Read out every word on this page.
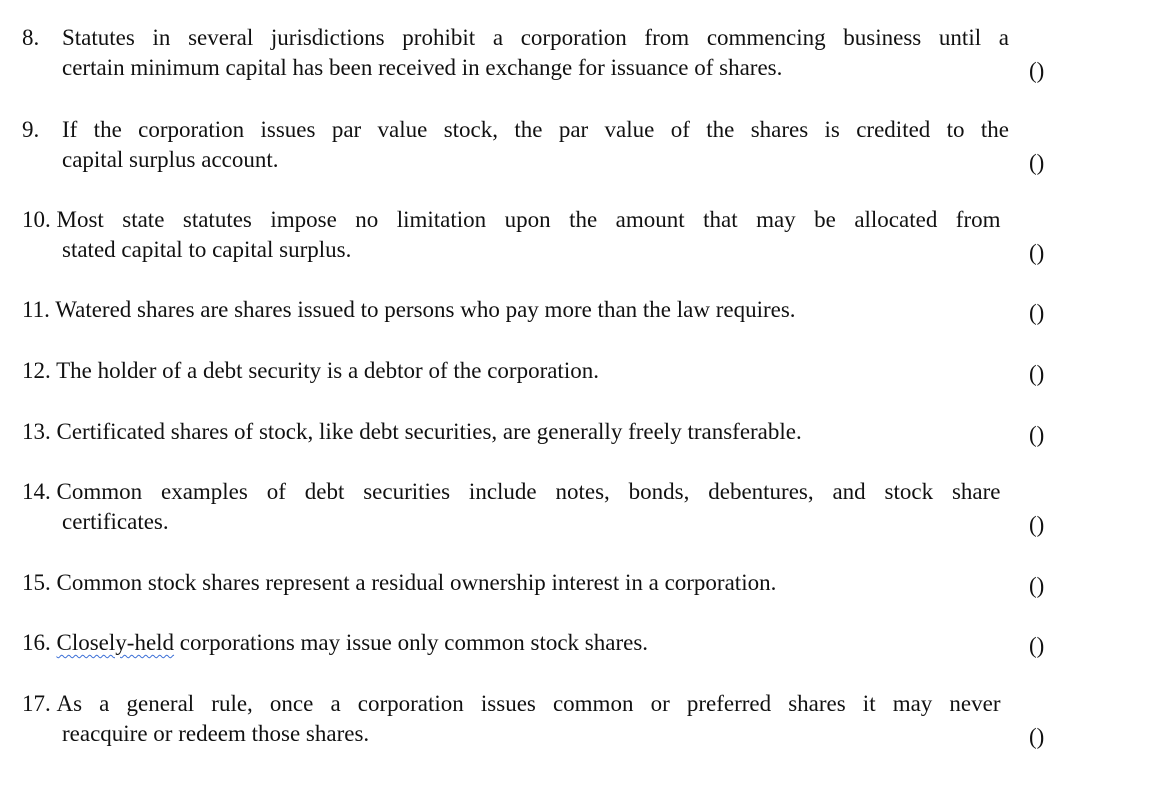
8. Statutes in several jurisdictions prohibit a corporation from commencing business until a
certain minimum capital has been received in exchange for issuance of shares.	()
9. If the corporation issues par value stock, the par value of the shares is credited to the
capital surplus account.	()
10. Most state statutes impose no limitation upon the amount that may be allocated from
stated capital to capital surplus.	()
11. Watered shares are shares issued to persons who pay more than the law requires.	()
12. The holder of a debt security is a debtor of the corporation.	()
13. Certificated shares of stock, like debt securities, are generally freely transferable.	()
14. Common examples of debt securities include notes, bonds, debentures, and stock share
certificates.	()
15. Common stock shares represent a residual ownership interest in a corporation.	()
16. Closely-held corporations may issue only common stock shares.	()
17. As a general rule, once a corporation issues common or preferred shares it may never
reacquire or redeem those shares.	()
